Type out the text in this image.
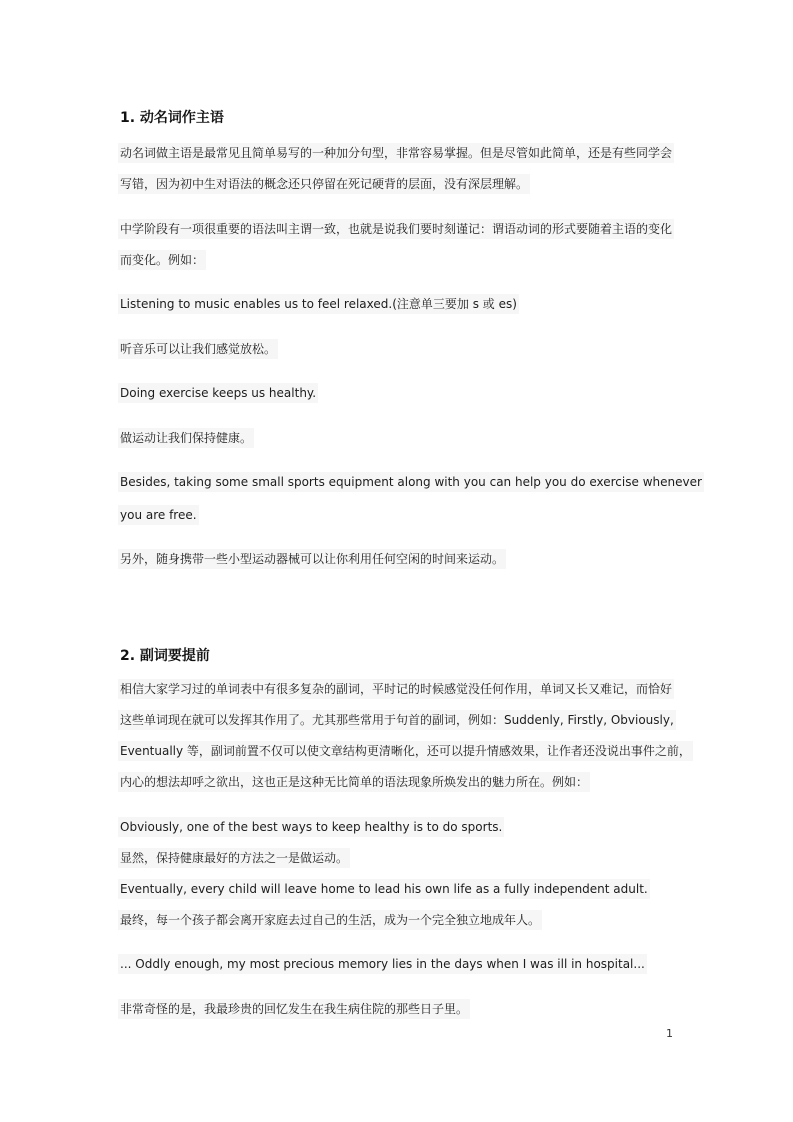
1. 动名词作主语
动名词做主语是最常见且简单易写的一种加分句型，非常容易掌握。但是尽管如此简单，还是有些同学会
写错，因为初中生对语法的概念还只停留在死记硬背的层面，没有深层理解。
中学阶段有一项很重要的语法叫主谓一致，也就是说我们要时刻谨记：谓语动词的形式要随着主语的变化
而变化。例如：
Listening to music enables us to feel relaxed.(注意单三要加 s 或 es)
听音乐可以让我们感觉放松。
Doing exercise keeps us healthy.
做运动让我们保持健康。
Besides, taking some small sports equipment along with you can help you do exercise whenever
you are free.
另外，随身携带一些小型运动器械可以让你利用任何空闲的时间来运动。
2. 副词要提前
相信大家学习过的单词表中有很多复杂的副词，平时记的时候感觉没任何作用，单词又长又难记，而恰好
这些单词现在就可以发挥其作用了。尤其那些常用于句首的副词，例如：Suddenly, Firstly, Obviously,
Eventually 等，副词前置不仅可以使文章结构更清晰化，还可以提升情感效果，让作者还没说出事件之前，
内心的想法却呼之欲出，这也正是这种无比简单的语法现象所焕发出的魅力所在。例如：
Obviously, one of the best ways to keep healthy is to do sports.
显然，保持健康最好的方法之一是做运动。
Eventually, every child will leave home to lead his own life as a fully independent adult.
最终，每一个孩子都会离开家庭去过自己的生活，成为一个完全独立地成年人。
... Oddly enough, my most precious memory lies in the days when I was ill in hospital...
非常奇怪的是，我最珍贵的回忆发生在我生病住院的那些日子里。
1
